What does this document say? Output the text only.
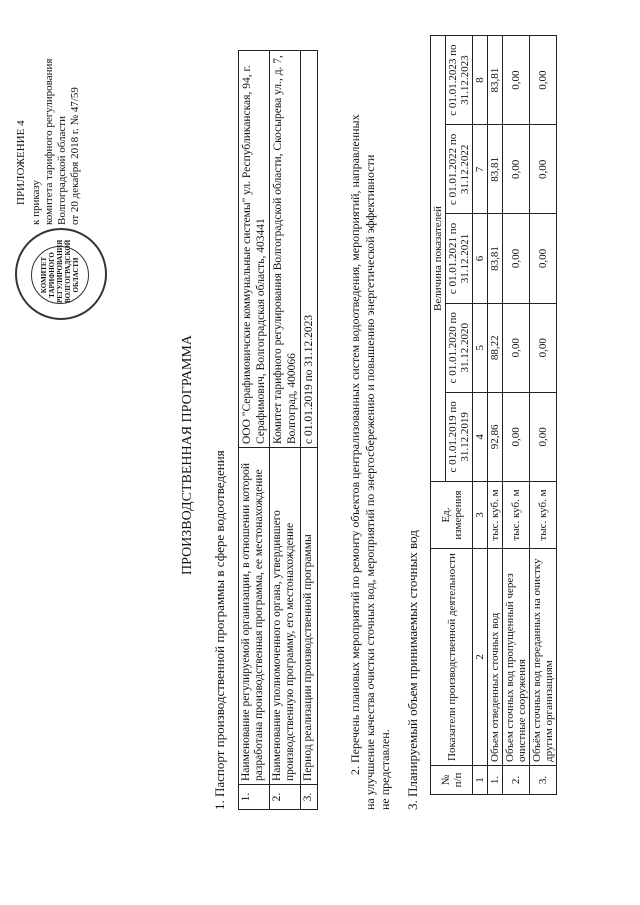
ПРИЛОЖЕНИЕ 4 к приказу комитета тарифного регулирования Волгоградской области от 20 декабря 2018 г. № 47/59
КОМИТЕТ ТАРИФНОГО РЕГУЛИРОВАНИЯ ВОЛГОГРАДСКОЙ ОБЛАСТИ
ПРОИЗВОДСТВЕННАЯ ПРОГРАММА 1. Паспорт производственной программы в сфере водоотведения 1.	Наименование регулируемой организации, в отношении которой разработана производственная программа, ее местонахождение	ООО "Серафимовичские коммунальные системы" ул. Республиканская, 94, г. Серафимович, Волгоградская область, 403441
2.	Наименование уполномоченного органа, утвердившего производственную программу, его местонахождение	Комитет тарифного регулирования Волгоградской области, Скосырева ул., д. 7, Волгоград, 400066
3.	Период реализации производственной программы	с 01.01.2019 по 31.12.2023	2. Перечень плановых мероприятий по ремонту объектов централизованных систем водоотведения, мероприятий, направленных на улучшение качества очистки сточных вод, мероприятий по энергосбережению и повышению энергетической эффективности не представлен. 3. Планируемый объем принимаемых сточных вод № п/п	Показатели производственной деятельности	Ед. измерения	Величина показателей				
			с 01.01.2019 по 31.12.2019	с 01.01.2020 по 31.12.2020	с 01.01.2021 по 31.12.2021	с 01.01.2022 по 31.12.2022	с 01.01.2023 по 31.12.2023
1	2	3	4	5	6	7	8
1.	Объем отведенных сточных вод	тыс. куб. м	92,86	88,22	83,81	83,81	83,81
2.	Объем сточных вод пропущенный через очистные сооружения	тыс. куб. м	0,00	0,00	0,00	0,00	0,00
3.	Объём сточных вод переданных на очистку другим организациям	тыс. куб. м	0,00	0,00	0,00	0,00	0,00
